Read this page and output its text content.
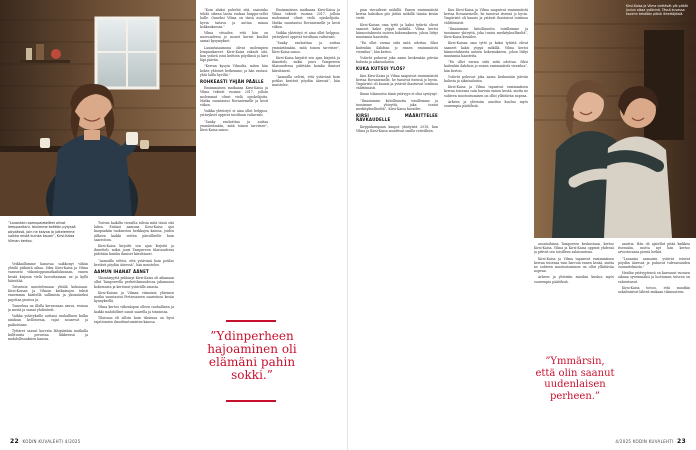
”Lauantain aamupalatelttet olivat lempparitani. Istuimme kelttiön pytyssä pöydässä, join ne kaivoa ja juttelemme vaikka mistä kuinka kauan”, Kirsi-Kaisa Vilman kertoo.

Veikkaillumme kanavaa saikkonyt vähän yhtälä pitkästä aikaa. Siksi Kirsi-Kaisa ja Vilma varasivat viikonloppumatkailukunnan, ennen kesää kirjasin vielä luovuttamaan ne ja kyllä häiriöihä.

Tutustuin muistelemaan yhtälä kokonaan. Kirsi-Kaisan ja Vilman katkaisujen teksti ennemmin käsitellä sallimista ja yksinäiseksi pujottaa puistoa ja.

Tunnelma on illalla kerrassaan sauva, reunaa ja meriä ja samat yhdistävät.

Vaikka ystävyksille auttaisi rauhallinen kulku niinkuin kellotornia, rajat nousevat ja paikoistaan.

Tyttäret saavat korvata lähipiiriään matkalla kulttuuria perustaa liikkeessä ja mahdollisuuksien kanssa.

Toivoin kaikilta vierailta tulisia mitä tässä sitä lukea. Eräänä aamuna Kirsi-Kaisa ajoi kaupunkiin tuoksuvien herkkujen kanssa, joiden jälkeen kaikki vietiin päivälliselle kuin saaristoon.

Kirsi-Kaisa kirjoitti sen ajan kirjeitä ja ihmetteli, miksi juuri Tampereen tilaisuudessa pidetään kuinka ihmiset kiiruhtavat.

”Aamuilla selvisi, että ystävänä koin potilas kestävä pöydän ääressä”, hän muistelee.

AAMUN IHANAT ÄÄNET

Yksinäisyyttä pelännyt Kirsi-Kaisa oli aikanaan ollut Tampereella perhetilaisuudessa jakamassa kokemusta ja kertonut ystävälle asiasta.

Kirsi-Kaisan ja Vilman viimeisin yhteinen matka suuntautui Pietarsaaren saaristoon kesän kynnyksellä.

Vilma kertoo viikonlopun olleen rauhallinen ja kaikki mahdolliset sanat saarella ja toimintaa.

Tilaisuus eli silloin kuin tilaisuus on hyvä rajattomien ilmoittautumisten kanssa.

”Koin aluksi palvelut sitä, osaisinko tehdä oikean laista ruokaa huippu-sellet laille. Onneksi Vilma on tässä asiassa hyvin taitava ja auttaa minua kokkauksessa.”

Vilma vitsailee, että hän on nuoruudessa jo monet kerrat kuullut samat kysymykset.

Lauantaiaamuna olivat molempien lempiaskareet. Kirsi-Kaisa rakasti sitä, kun ystävä istui keittiön pöydässä ja kävi läpi päivän.

”Kerran kysyin Vilmalta, miten hän kokee yhteiset hetkemme, ja hän vastasi: yhtä lailla hyviltä.”

ROHKEASTI YHJÄN PÄÄLLE

Ensimmäisen matkansa Kirsi-Kaisa ja Vilma tekivät vuonna 2017, jolloin molemmat olivat vielä opiskelijoita. Matka suuntautui Rovaniemelle ja kesti viikon.

Vaikka yhteistyö ei aina ollut helppoa, ystävykset oppivat toisiltaan valtavasti.

”Sanky rauhoittaa ja auttaa ymmärtämään, mitä toinen tarvitsee”, Kirsi-Kaisa sanoo.

Ensimmäisen matkansa Kirsi-Kaisa ja Vilma tekivät vuonna 2017, jolloin molemmat olivat vielä opiskelijoita. Matka suuntautui Rovaniemelle ja kesti viikon.

Vaikka yhteistyö ei aina ollut helppoa, ystävykset oppivat toisiltaan valtavasti.

”Sanky rauhoittaa ja auttaa ymmärtämään, mitä toinen tarvitsee”, Kirsi-Kaisa sanoo.

Kirsi-Kaisa kirjoitti sen ajan kirjeitä ja ihmetteli, miksi juuri Tampereen tilaisuudessa pidetään kuinka ihmiset kiiruhtavat.

”Aamuilla selvisi, että ystävänä koin potilas kestävä pöydän ääressä”, hän muistelee.

”Ydinperheen hajoaminen oli elämäni pahin sokki.”
22 KODIN KUVALEHTI 4/2025
Kirsi-Kaisa ja Vilma viettävät yöt pitkät joulun aikaa ystävinä. Tässä kuvassa kaverin tehdään pitkiä lähettäjäisiä.

pian vierailevat mökillä. Ennen ensimmäistä kertaa kaksikon piti jättää mökillä tämän kesän vietit.

Kirsi-Kaisan oma tyttö ja kaksi tytärtä olivat saaneet kaksi yöpyä mökillä. Vilma kertoi kiinnostuksesta uuteen kokemukseen, johon liittyi muutamia haasteita.

”En ollut varma siitä mitä odottaa. Siksi kuitenkin ilahduin jo ennen ensimmäistä vierailua”, hän kertoo.

Ystävät puhuvat joka aamu keskenään päivän kulusta ja aikatauluista.

KUKA KUTSUI YLÖS?

Kun Kirsi-Kaisa ja Vilma saapuivat ensimmäistä kertaa Rovaniemelle, he tunsivat itsensä jo hyvin. Ympäristö oli kaunis ja ystävät ihastuivat toisiinsa välittömästi.

Ilman tilaisuutta tämä ystävyys ei olisi syntynyt.

”Ilmaisimme kiitollisuutta toisillemme ja tunsimme yhteyttä, joka tuntui merkitykselliseltä”, Kirsi-Kaisa kuvailee.

KIRSI MÄÄRITTELEE RAVKAUDELLE

Kirppukampaan kaupoi yksityistä 2018, kun Vilma ja Kirsi-Kaisa muuttivat omille reiteilleen.

Kun Kirsi-Kaisa ja Vilma saapuivat ensimmäistä kertaa Rovaniemelle, he tunsivat itsensä jo hyvin. Ympäristö oli kaunis ja ystävät ihastuivat toisiinsa välittömästi.

”Ilmaisimme kiitollisuutta toisillemme ja tunsimme yhteyttä, joka tuntui merkitykselliseltä”, Kirsi-Kaisa kuvailee.

Kirsi-Kaisan oma tyttö ja kaksi tytärtä olivat saaneet kaksi yöpyä mökillä. Vilma kertoi kiinnostuksesta uuteen kokemukseen, johon liittyi muutamia haasteita.

”En ollut varma siitä mitä odottaa. Siksi kuitenkin ilahduin jo ennen ensimmäistä vierailua”, hän kertoo.

Ystävät puhuvat joka aamu keskenään päivän kulusta ja aikatauluista.

Kirsi-Kaisa ja Vilma tapasivat ensimmäisen kerran toisensa vain harvoin ennen kesää, mutta ne suhteen muotoutuminen on ollut yllättävän nopeaa.

Arkeen ja yhteisiin asioihin kuuluu myös suurempia päätöksiä.

asuntoihinsa Tampereen keskustaan, kertoo Kirsi-Kaisa. Vilma ja Kirsi-Kaisa oppivat yhdessä ja pitivät sen toisilleen salaisuutena.

Kirsi-Kaisa ja Vilma tapasivat ensimmäisen kerran toisensa vain harvoin ennen kesää, mutta ne suhteen muotoutuminen on ollut yllättävän nopeaa.

Arkeen ja yhteisiin asioihin kuuluu myös suurempia päätöksiä.

anuttia. Hän oli ajatellut pitää kaikkea itsessään, mutta nyt hän kertoo arvostavansa pieniä hetkiä.

”Lauantai aamuisin ystävät istuvat pöydän ääressä ja puhuvat tulevaisuuden suunnitelmista.”

Heidän ystävyytensä on kasvanut vuosien aikana syvemmäksi ja luottamus toiseen on vahvistunut.

Kirsi-Kaisa toivoo, että muutkin uskaltaisivat lähteä mukaan tilaisuuteen.

”Ymmärsin, että olin saanut uudenlaisen perheen.”
4/2025 KODIN KUVALEHTI 23
